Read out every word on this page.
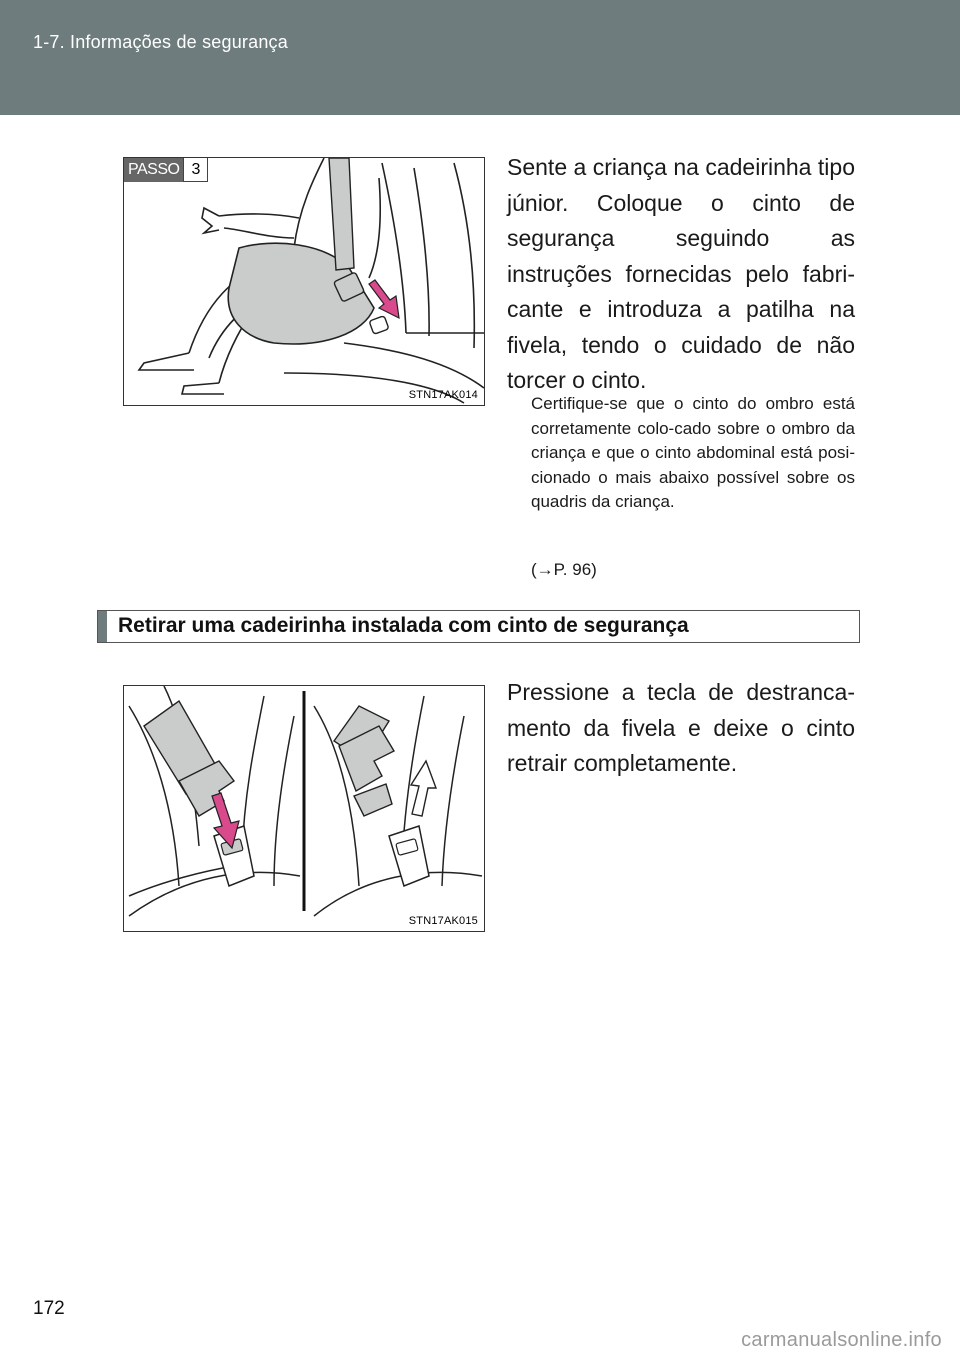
1-7. Informações de segurança
PASSO 3
STN17AK014

Sente a criança na cadeirinha tipo júnior. Coloque o cinto de segurança seguindo as instruções fornecidas pelo fabri-cante e introduza a patilha na fivela, tendo o cuidado de não torcer o cinto.

Certifique-se que o cinto do ombro está corretamente colo-cado sobre o ombro da criança e que o cinto abdominal está posi-cionado o mais abaixo possível sobre os quadris da criança.

(→P. 96)
Retirar uma cadeirinha instalada com cinto de segurança
STN17AK015

Pressione a tecla de destranca-mento da fivela e deixe o cinto retrair completamente.

172
carmanualsonline.info
